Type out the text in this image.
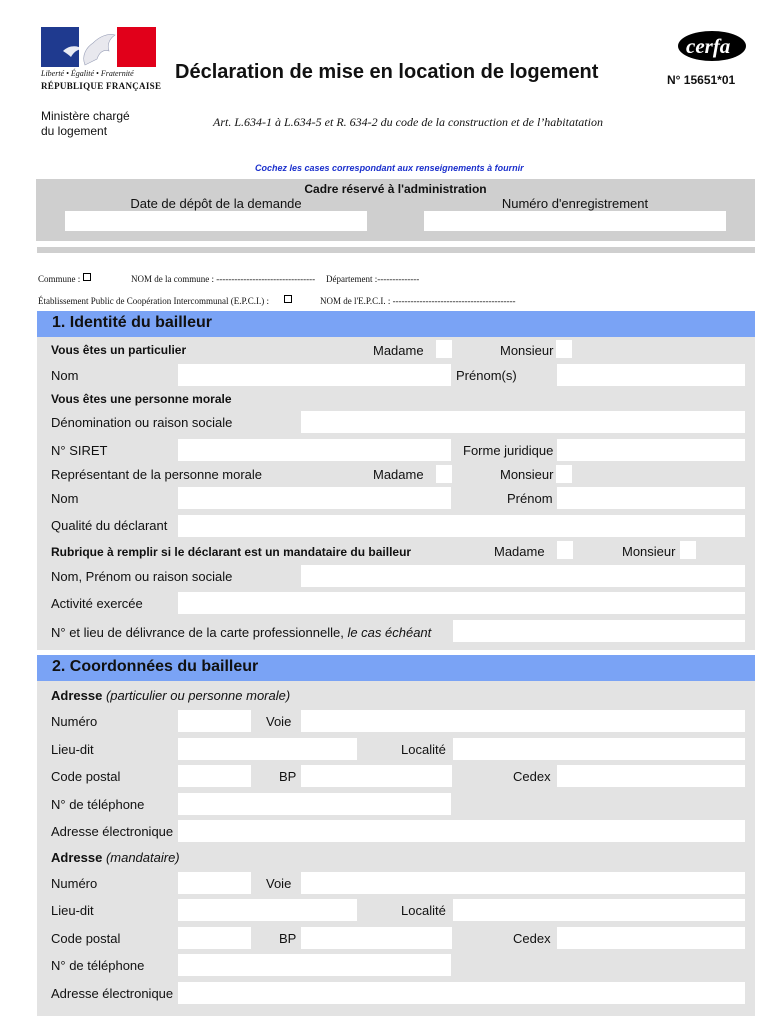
Liberté • Égalité • Fraternité
RÉPUBLIQUE FRANÇAISE
Ministère chargé
du logement
Déclaration de mise en location de logement
cerfa
N° 15651*01
Art. L.634-1 à L.634-5 et R. 634-2 du code de la construction et de l’habitatation
Cochez les cases correspondant aux renseignements à fournir
Cadre réservé à l'administration
Date de dépôt de la demande	Numéro d'enregistrement
Commune :	NOM de la commune : --------------------------------- Département :--------------
Établissement Public de Coopération Intercommunal (E.P.C.I.) :	NOM de l'E.P.C.I. : -----------------------------------------
1. Identité du bailleur
Vous êtes un particulier	Madame	Monsieur
Nom	Prénom(s)
Vous êtes une personne morale
Dénomination ou raison sociale
N° SIRET	Forme juridique
Représentant de la personne morale	Madame	Monsieur
Nom	Prénom
Qualité du déclarant
Rubrique à remplir si le déclarant est un mandataire du bailleur	Madame	Monsieur
Nom, Prénom ou raison sociale
Activité exercée
N° et lieu de délivrance de la carte professionnelle, le cas échéant
2. Coordonnées du bailleur
Adresse (particulier ou personne morale)
Numéro	Voie
Lieu-dit	Localité
Code postal	BP	Cedex
N° de téléphone
Adresse électronique
Adresse (mandataire)
Numéro	Voie
Lieu-dit	Localité
Code postal	BP	Cedex
N° de téléphone
Adresse électronique
